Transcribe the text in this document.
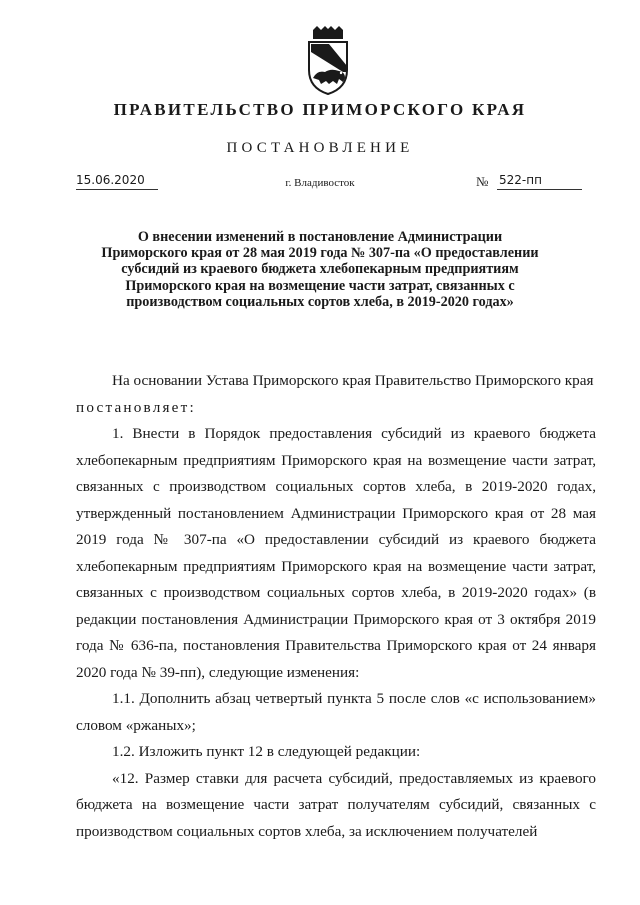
ПРАВИТЕЛЬСТВО ПРИМОРСКОГО КРАЯ
ПОСТАНОВЛЕНИЕ
15.06.2020	г. Владивосток	№ 522-пп
О внесении изменений в постановление Администрации Приморского края от 28 мая 2019 года № 307-па «О предоставлении субсидий из краевого бюджета хлебопекарным предприятиям Приморского края на возмещение части затрат, связанных с производством социальных сортов хлеба, в 2019-2020 годах»

На основании Устава Приморского края Правительство Приморского края

постановляет:

1. Внести в Порядок предоставления субсидий из краевого бюджета хлебопекарным предприятиям Приморского края на возмещение части затрат, связанных с производством социальных сортов хлеба, в 2019-2020 годах, утвержденный постановлением Администрации Приморского края от 28 мая 2019 года № 307-па «О предоставлении субсидий из краевого бюджета хлебопекарным предприятиям Приморского края на возмещение части затрат, связанных с производством социальных сортов хлеба, в 2019-2020 годах» (в редакции постановления Администрации Приморского края от 3 октября 2019 года № 636-па, постановления Правительства Приморского края от 24 января 2020 года № 39-пп), следующие изменения:

1.1. Дополнить абзац четвертый пункта 5 после слов «с использованием» словом «ржаных»;

1.2. Изложить пункт 12 в следующей редакции:

«12. Размер ставки для расчета субсидий, предоставляемых из краевого бюджета на возмещение части затрат получателям субсидий, связанных с производством социальных сортов хлеба, за исключением получателей
